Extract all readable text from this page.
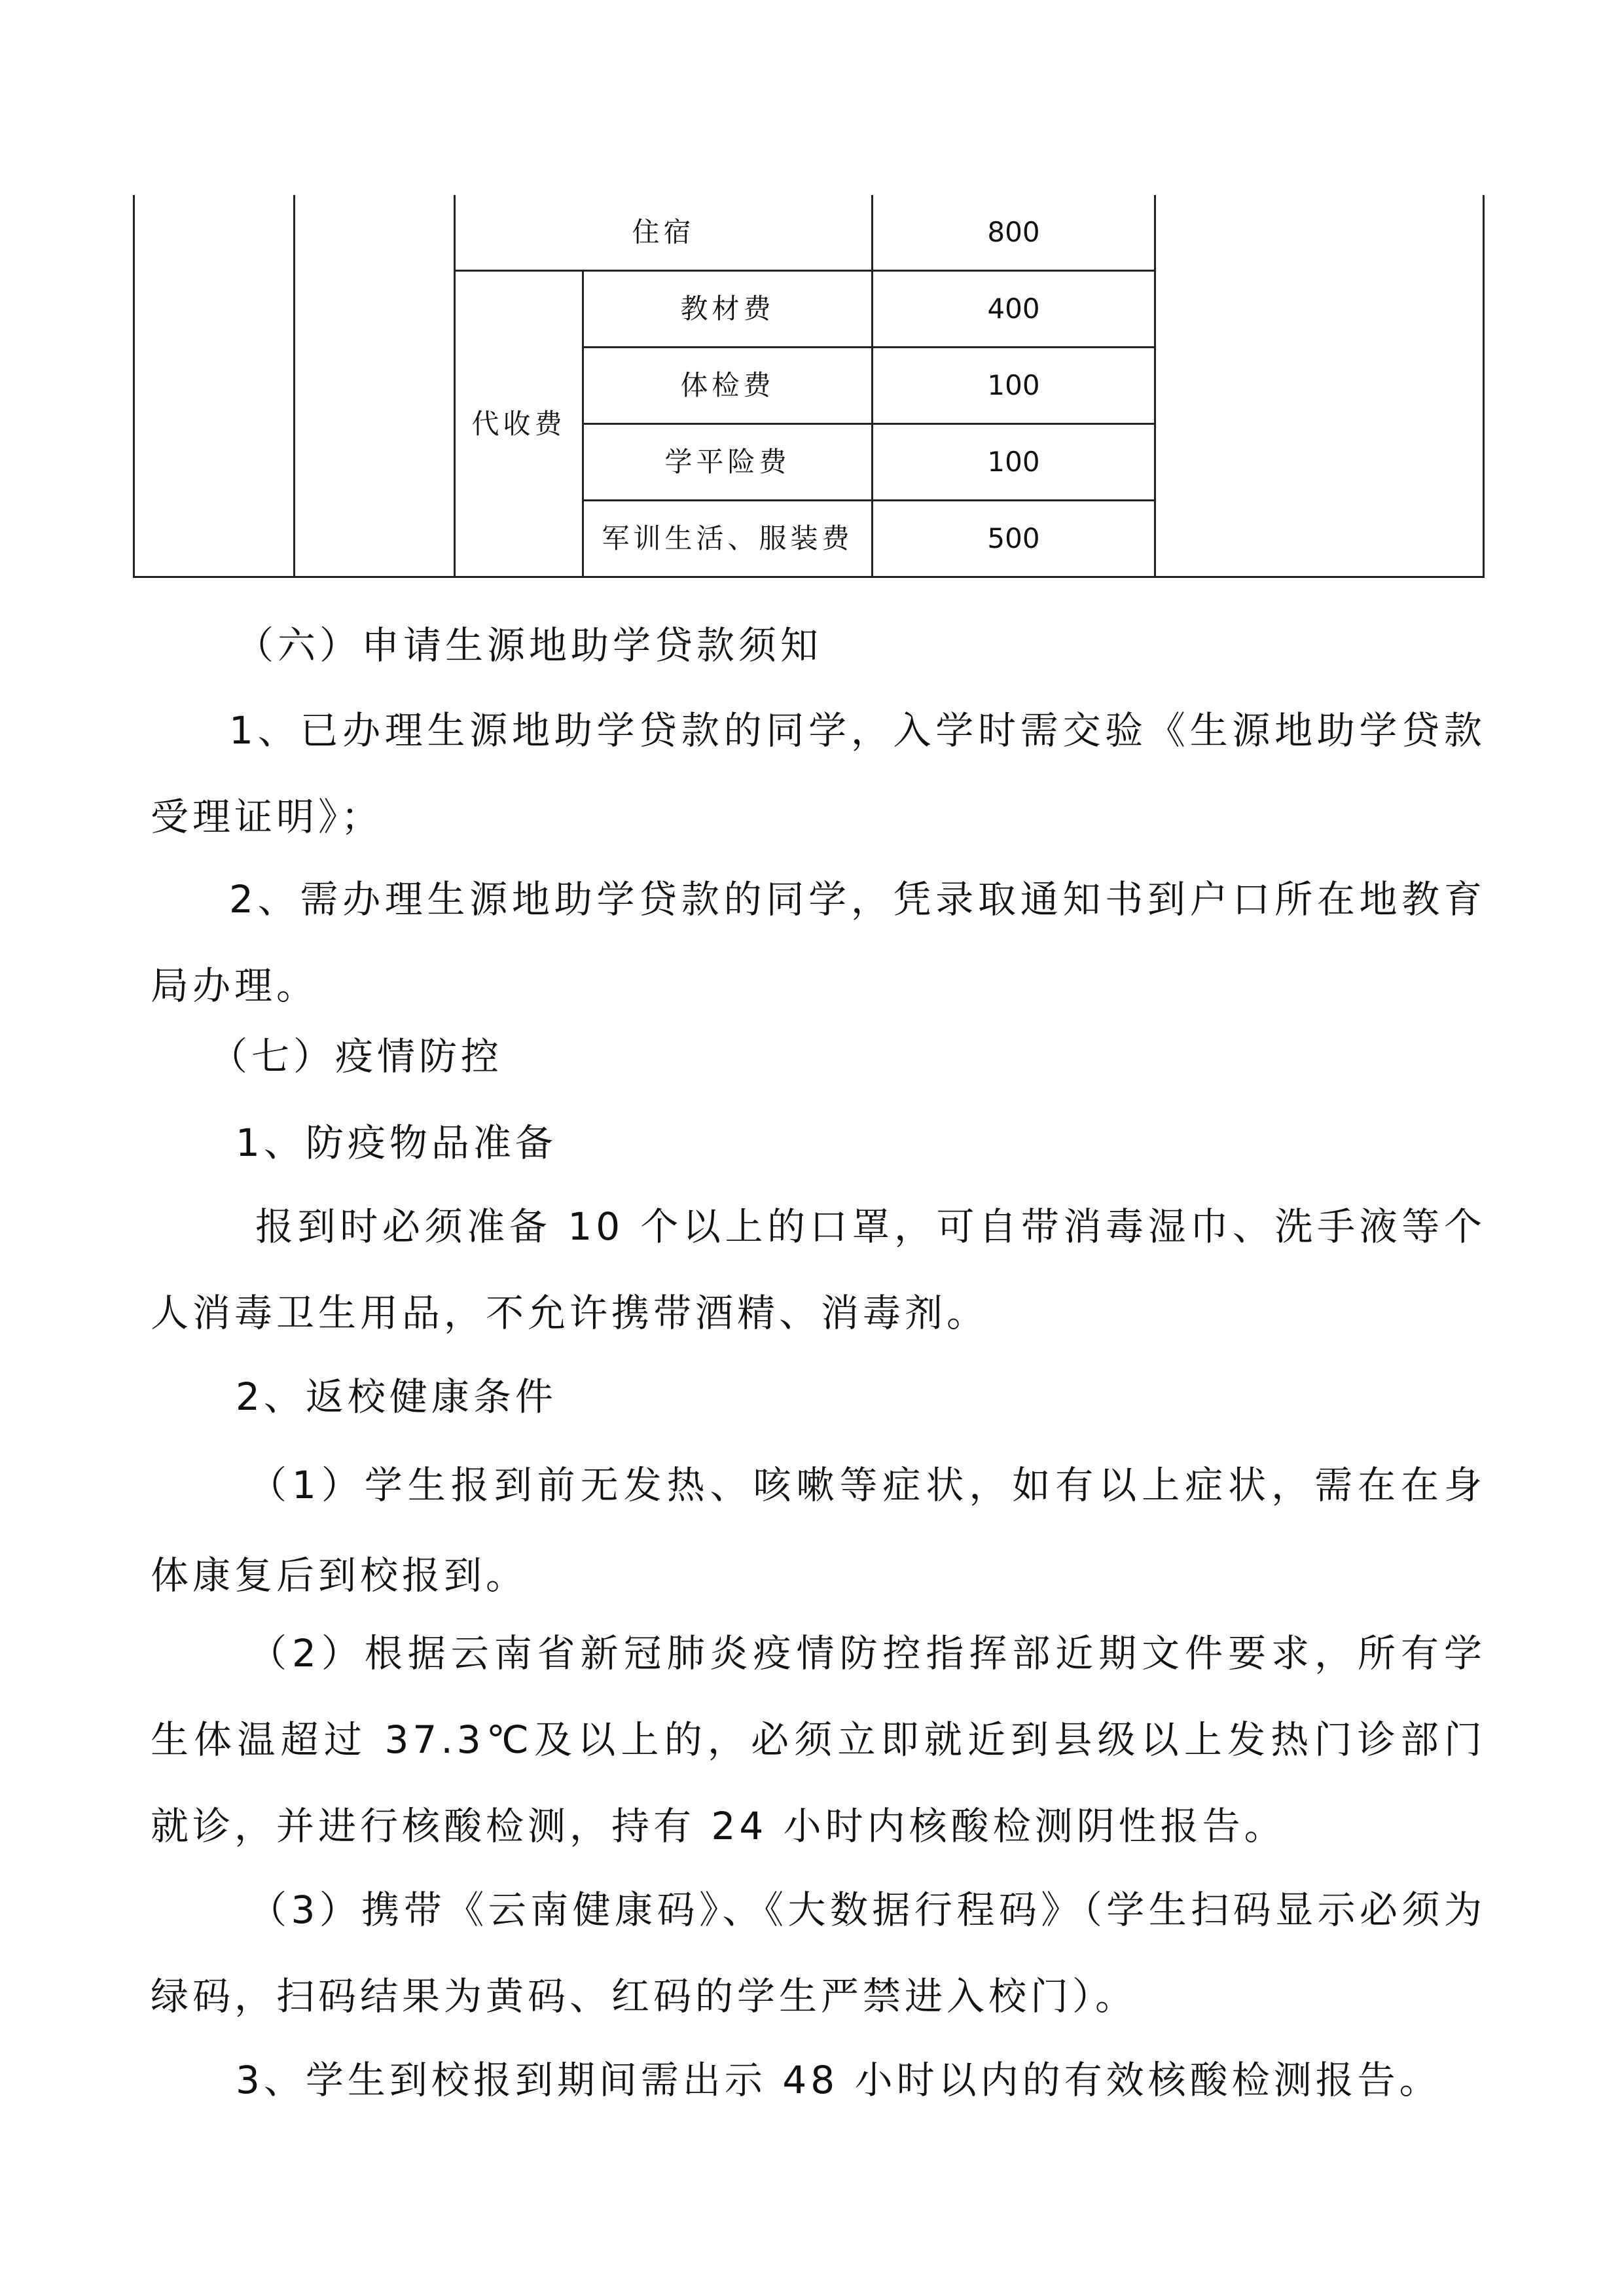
		住宿		800	
		代收费	教材费	400	
			体检费	100	
			学平险费	100	
			军训生活、服装费	500	

（六）申请生源地助学贷款须知

1、已办理生源地助学贷款的同学，入学时需交验《生源地助学贷款受理证明》；

2、需办理生源地助学贷款的同学，凭录取通知书到户口所在地教育局办理。

（七）疫情防控

1、防疫物品准备

报到时必须准备 10 个以上的口罩，可自带消毒湿巾、洗手液等个人消毒卫生用品，不允许携带酒精、消毒剂。

2、返校健康条件

（1）学生报到前无发热、咳嗽等症状，如有以上症状，需在在身体康复后到校报到。

（2）根据云南省新冠肺炎疫情防控指挥部近期文件要求，所有学生体温超过 37.3℃及以上的，必须立即就近到县级以上发热门诊部门就诊，并进行核酸检测，持有 24 小时内核酸检测阴性报告。

（3）携带《云南健康码》、《大数据行程码》（学生扫码显示必须为绿码，扫码结果为黄码、红码的学生严禁进入校门）。

3、学生到校报到期间需出示 48 小时以内的有效核酸检测报告。
